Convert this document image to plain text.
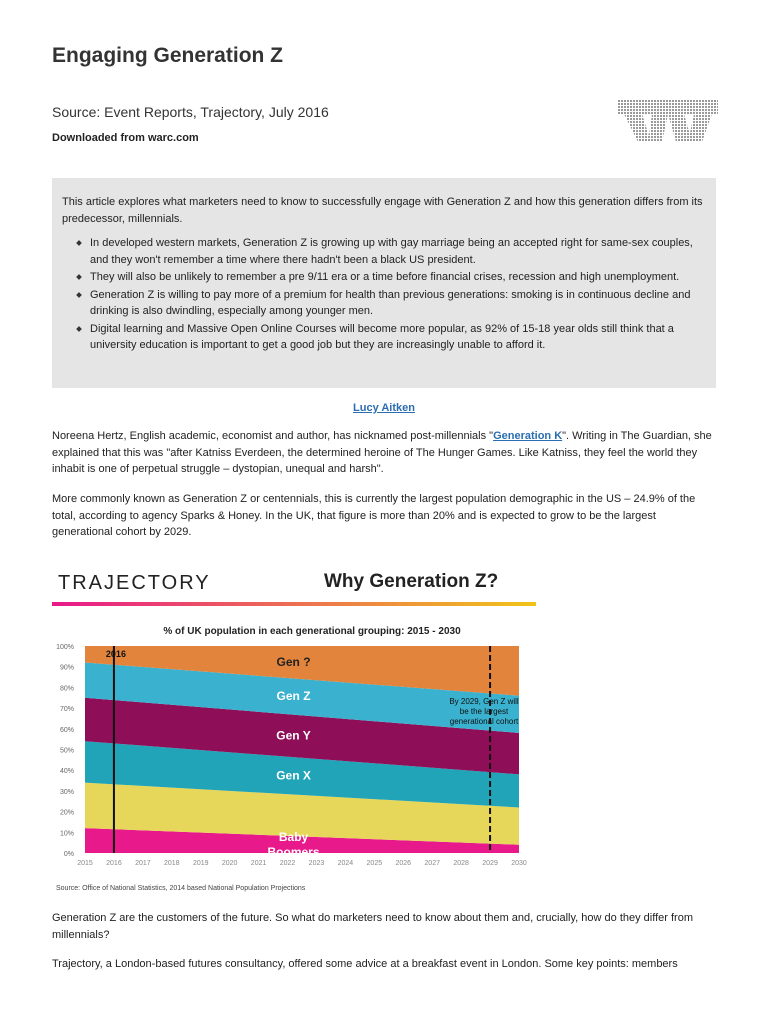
Engaging Generation Z
Source: Event Reports, Trajectory, July 2016
Downloaded from warc.com

This article explores what marketers need to know to successfully engage with Generation Z and how this generation differs from its predecessor, millennials.

In developed western markets, Generation Z is growing up with gay marriage being an accepted right for same-sex couples, and they won't remember a time where there hadn't been a black US president.
They will also be unlikely to remember a pre 9/11 era or a time before financial crises, recession and high unemployment.
Generation Z is willing to pay more of a premium for health than previous generations: smoking is in continuous decline and drinking is also dwindling, especially among younger men.
Digital learning and Massive Open Online Courses will become more popular, as 92% of 15-18 year olds still think that a university education is important to get a good job but they are increasingly unable to afford it.
Lucy Aitken

Noreena Hertz, English academic, economist and author, has nicknamed post-millennials "Generation K". Writing in The Guardian, she explained that this was "after Katniss Everdeen, the determined heroine of The Hunger Games. Like Katniss, they feel the world they inhabit is one of perpetual struggle – dystopian, unequal and harsh".

More commonly known as Generation Z or centennials, this is currently the largest population demographic in the US – 24.9% of the total, according to agency Sparks & Honey. In the UK, that figure is more than 20% and is expected to grow to be the largest generational cohort by 2029.

TRAJECTORY	Why Generation Z?
% of UK population in each generational grouping: 2015 - 2030
0%
10%
20%
30%
40%
50%
60%
70%
80%
90%
100%
2015 2016 2017 2018 2019 2020 2021 2022 2023 2024 2025 2026 2027 2028 2029 2030
Baby
Boomers
Gen X
Gen Y
Gen Z
Gen ?
2016
By 2029, Gen Z will
be the largest
generational cohort
Source: Office of National Statistics, 2014 based National Population Projections

Generation Z are the customers of the future. So what do marketers need to know about them and, crucially, how do they differ from millennials?

Trajectory, a London-based futures consultancy, offered some advice at a breakfast event in London. Some key points: members
